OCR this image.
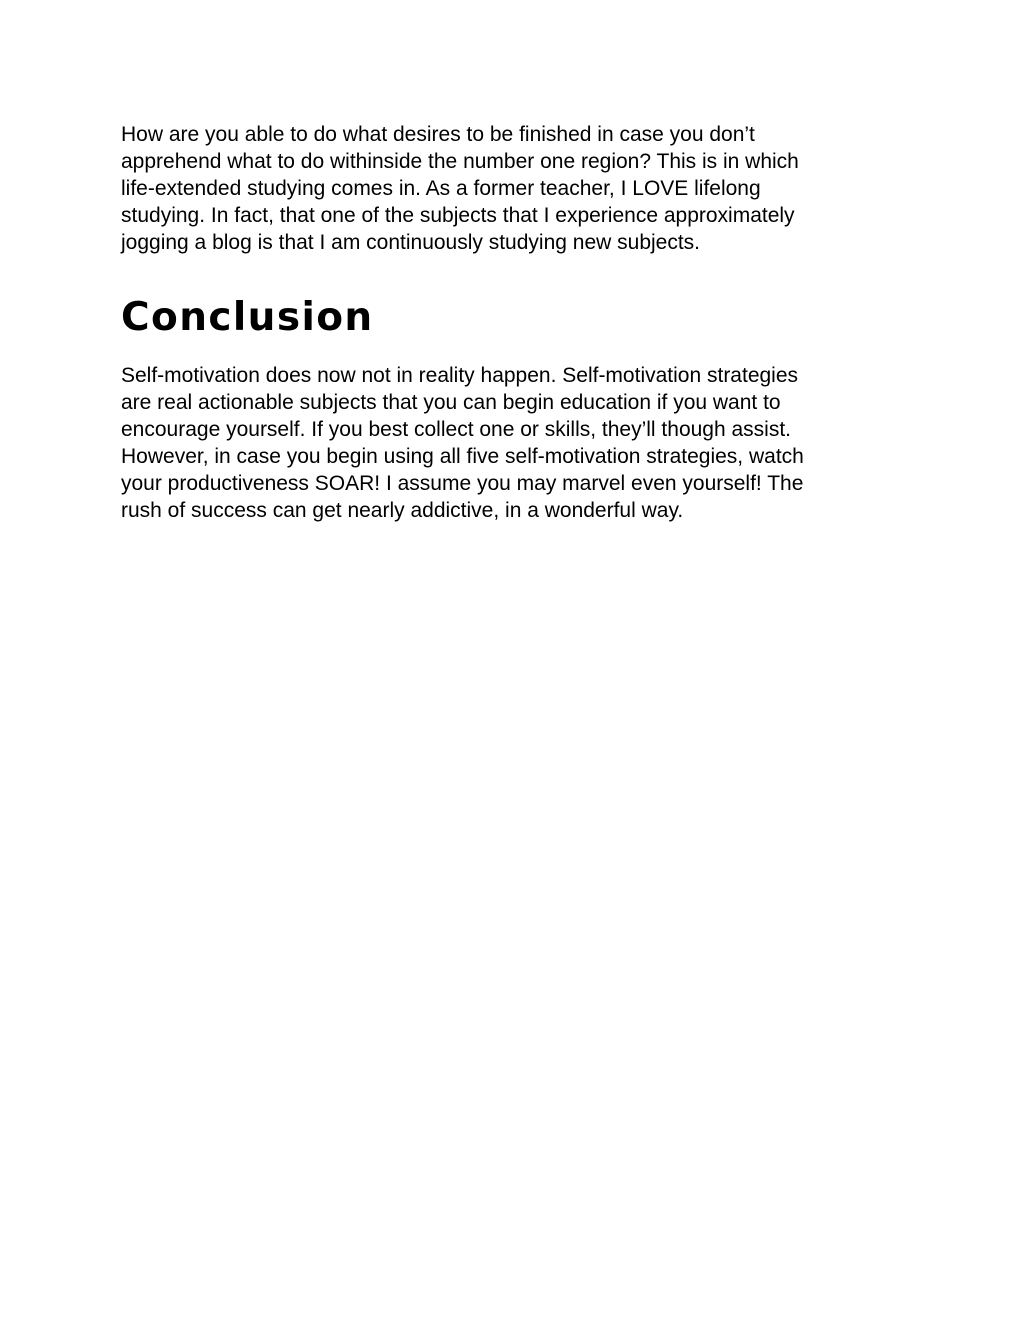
How are you able to do what desires to be finished in case you don’t
apprehend what to do withinside the number one region? This is in which
life-extended studying comes in. As a former teacher, I LOVE lifelong
studying. In fact, that one of the subjects that I experience approximately
jogging a blog is that I am continuously studying new subjects.

Conclusion

Self-motivation does now not in reality happen. Self-motivation strategies
are real actionable subjects that you can begin education if you want to
encourage yourself. If you best collect one or skills, they’ll though assist.
However, in case you begin using all five self-motivation strategies, watch
your productiveness SOAR! I assume you may marvel even yourself! The
rush of success can get nearly addictive, in a wonderful way.
